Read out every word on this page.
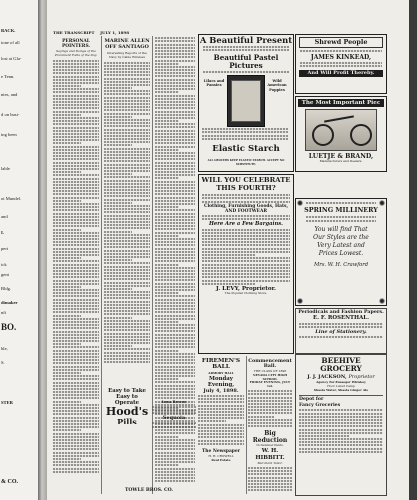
BACK.
tone of all
lost at Gla-
e Tenn.
nies, and
d on busi-
ing been
lable
ot Mundel.
and
I.
pert
ick
gent
Bldg.
dimaker
nfi
BO.
ble,
S.
STER
& CO.
THE TRANSCRIPT JULY 1, 1898
PERSONAL POINTERS.
Sayings and Doings of the Prominent Folks of the Day.
MARINE ALLEN OFF SANTIAGO
Interesting Reports of the Navy by Cable Wireless
Easy to Take
Easy to Operate
Hood's
Pills
Iowa Breeze
Sequoia
TOWLE BROS. CO.
A Beautiful Present
Beautiful Pastel Pictures
Lilacs and Pansies
Wild American Poppies
Elastic Starch
ALL GROCERS KEEP ELASTIC STARCH. ACCEPT NO SUBSTITUTE.
Shrewd People
JAMES KINKEAD,
And Will Profit Thereby.
The Most Important Piec
LUETJE & BRAND,
Manufacturers and Dealers.
WILL YOU CELEBRATE THIS FOURTH?
Clothing, Furnishing Goods, Hats, AND FOOTWEAR
Here Are a Few Bargains.
J. LEVY, Proprietor.
The Popular Clothing Store.
SPRING MILLINERY
You will find That
Our Styles are the
Very Latest and
Prices Lowest.
Mrs. W. H. Crawford
Periodicals and Fashion Papers.
E. F. ROSENTHAL.
Line of Stationery.
BEEHIVE
GROCERY
J. J. JACKSON, Proprietor
Agency For-Tusaeger Whiskey
Hoot Lunsd Camp
Shasta Water, Shasta Ginger Ale
Depot for
Fancy Groceries
FIREMEN'S BALL
ARMORY HALL
Monday Evening,
July 4, 1898.
The Newspaper
H. H. CROWELL
Real Estate
Commencement Ball.
THE CLASS OF 1898
NEVADA CITY HIGH SCHOOL
FRIDAY EVENING, JULY 1st.
Big Reduction
In Summer Pants.
W. H. HIBBITT.
Merchant Tailor.
